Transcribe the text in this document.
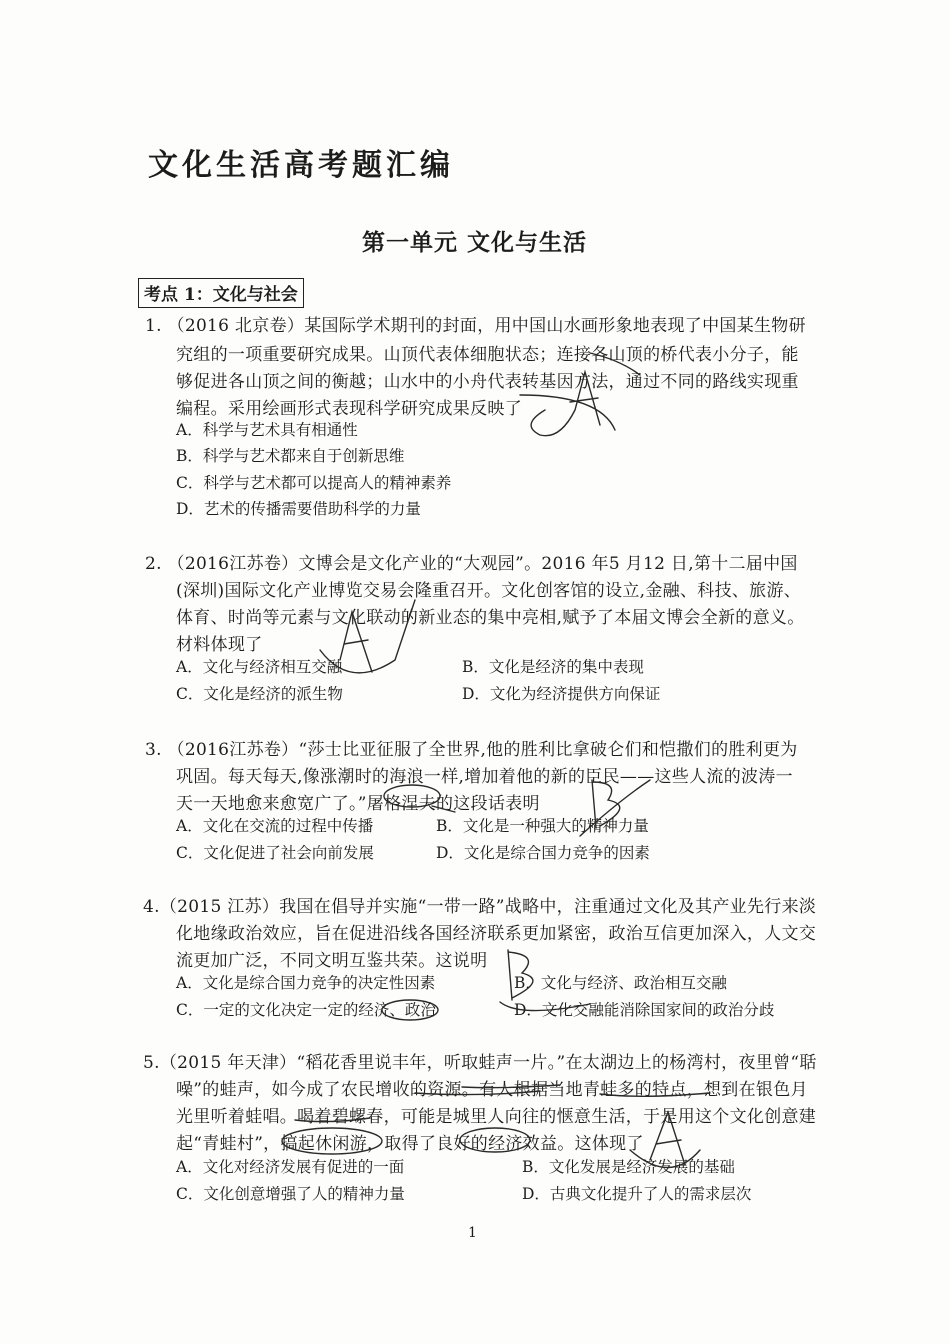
文化生活高考题汇编
第一单元 文化与生活
考点 1：文化与社会
1. （2016 北京卷）某国际学术期刊的封面，用中国山水画形象地表现了中国某生物研
究组的一项重要研究成果。山顶代表体细胞状态；连接各山顶的桥代表小分子，能
够促进各山顶之间的衡越；山水中的小舟代表转基因方法，通过不同的路线实现重
编程。采用绘画形式表现科学研究成果反映了
A．科学与艺术具有相通性
B．科学与艺术都来自于创新思维
C．科学与艺术都可以提高人的精神素养
D．艺术的传播需要借助科学的力量
2. （2016江苏卷）文博会是文化产业的“大观园”。2016 年5 月12 日,第十二届中国
(深圳)国际文化产业博览交易会隆重召开。文化创客馆的设立,金融、科技、旅游、
体育、时尚等元素与文化联动的新业态的集中亮相,赋予了本届文博会全新的意义。
材料体现了
A．文化与经济相互交融	B．文化是经济的集中表现
C．文化是经济的派生物	D．文化为经济提供方向保证
3. （2016江苏卷）“莎士比亚征服了全世界,他的胜利比拿破仑们和恺撒们的胜利更为
巩固。每天每天,像涨潮时的海浪一样,增加着他的新的臣民——这些人流的波涛一
天一天地愈来愈宽广了。”屠格涅夫的这段话表明
A．文化在交流的过程中传播	B．文化是一种强大的精神力量
C．文化促进了社会向前发展	D．文化是综合国力竞争的因素
4.（2015 江苏）我国在倡导并实施“一带一路”战略中，注重通过文化及其产业先行来淡
化地缘政治效应，旨在促进沿线各国经济联系更加紧密，政治互信更加深入，人文交
流更加广泛，不同文明互鉴共荣。这说明
A．文化是综合国力竞争的决定性因素	B．文化与经济、政治相互交融
C．一定的文化决定一定的经济、政治	D．文化交融能消除国家间的政治分歧
5.（2015 年天津）“稻花香里说丰年，听取蛙声一片。”在太湖边上的杨湾村，夜里曾“聒
噪”的蛙声，如今成了农民增收的资源。有人根据当地青蛙多的特点，想到在银色月
光里听着蛙唱。喝着碧螺春，可能是城里人向往的惬意生活，于是用这个文化创意建
起“青蛙村”，搞起休闲游，取得了良好的经济效益。这体现了
A．文化对经济发展有促进的一面	B．文化发展是经济发展的基础
C．文化创意增强了人的精神力量	D．古典文化提升了人的需求层次
1
